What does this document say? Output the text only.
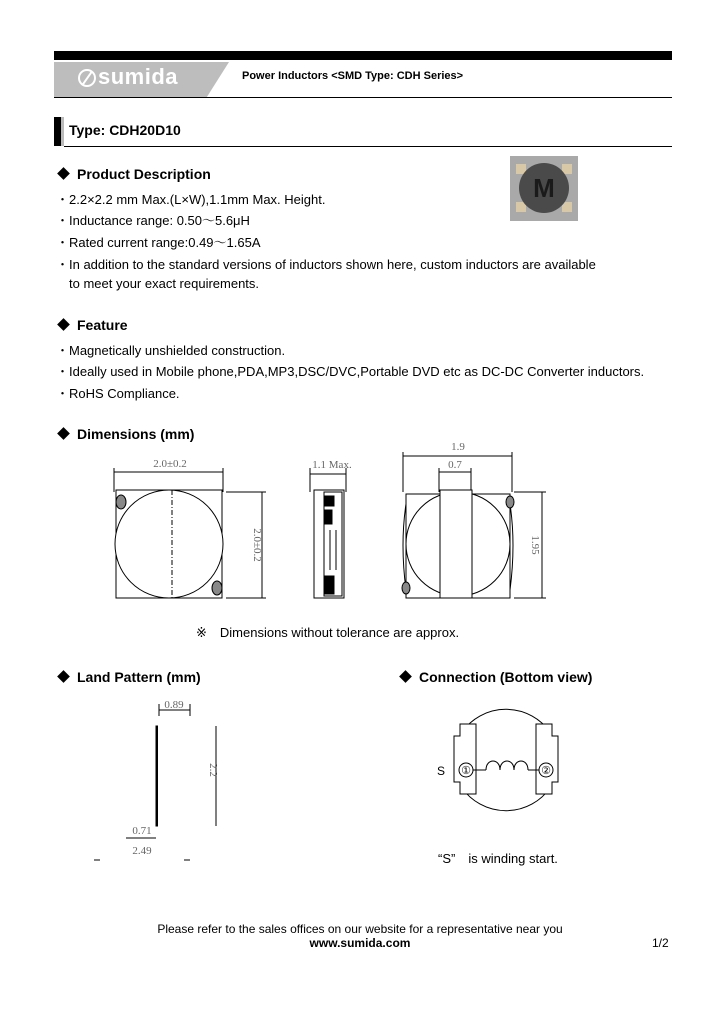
sumida	Power Inductors <SMD Type: CDH Series>
Type: CDH20D10
Product Description
・2.2×2.2 mm Max.(L×W),1.1mm Max. Height.
・Inductance range: 0.50～5.6μH
・Rated current range:0.49～1.65A
・In addition to the standard versions of inductors shown here, custom inductors are available
to meet your exact requirements.
M
Feature
・Magnetically unshielded construction.
・Ideally used in Mobile phone,PDA,MP3,DSC/DVC,Portable DVD etc as DC-DC Converter inductors.
・RoHS Compliance.
Dimensions (mm)
2.0±0.2
2.0±0.2
1.1 Max.
1.9
0.7
1.95
※　Dimensions without tolerance are approx.
Land Pattern (mm)
0.89
2.2
0.71
2.49
Connection (Bottom view)
S ①	②
“S”　is winding start.
Please refer to the sales offices on our website for a representative near you
www.sumida.com	1/2
